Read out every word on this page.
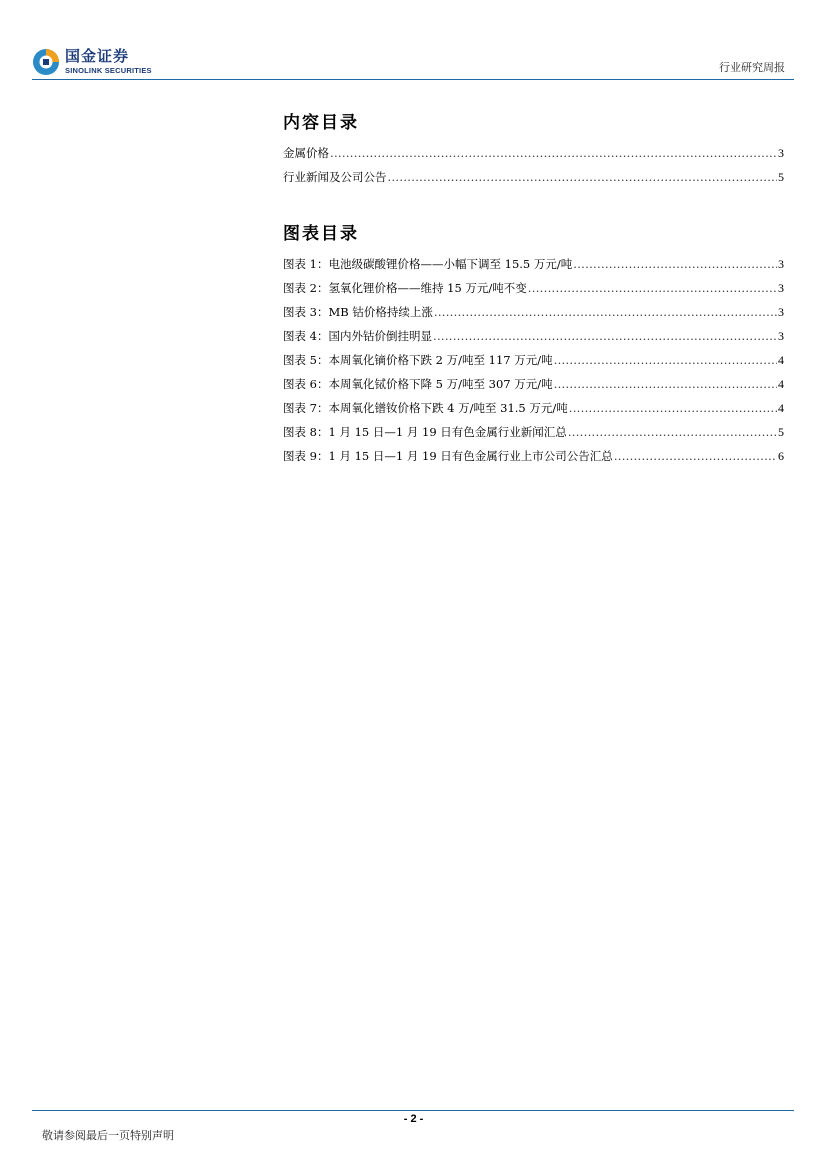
国金证券
SINOLINK SECURITIES	行业研究周报
内容目录
金属价格 .....	3
行业新闻及公司公告 .....	5
图表目录
图表 1：电池级碳酸锂价格——小幅下调至 15.5 万元/吨 .....	3
图表 2：氢氧化锂价格——维持 15 万元/吨不变 .....	3
图表 3：MB 钴价格持续上涨 .....	3
图表 4：国内外钴价倒挂明显 .....	3
图表 5：本周氧化镝价格下跌 2 万/吨至 117 万元/吨 .....	4
图表 6：本周氧化铽价格下降 5 万/吨至 307 万元/吨 .....	4
图表 7：本周氧化镨钕价格下跌 4 万/吨至 31.5 万元/吨 .....	4
图表 8：1 月 15 日—1 月 19 日有色金属行业新闻汇总 .....	5
图表 9：1 月 15 日—1 月 19 日有色金属行业上市公司公告汇总 .....	6
- 2 -
敬请参阅最后一页特别声明
